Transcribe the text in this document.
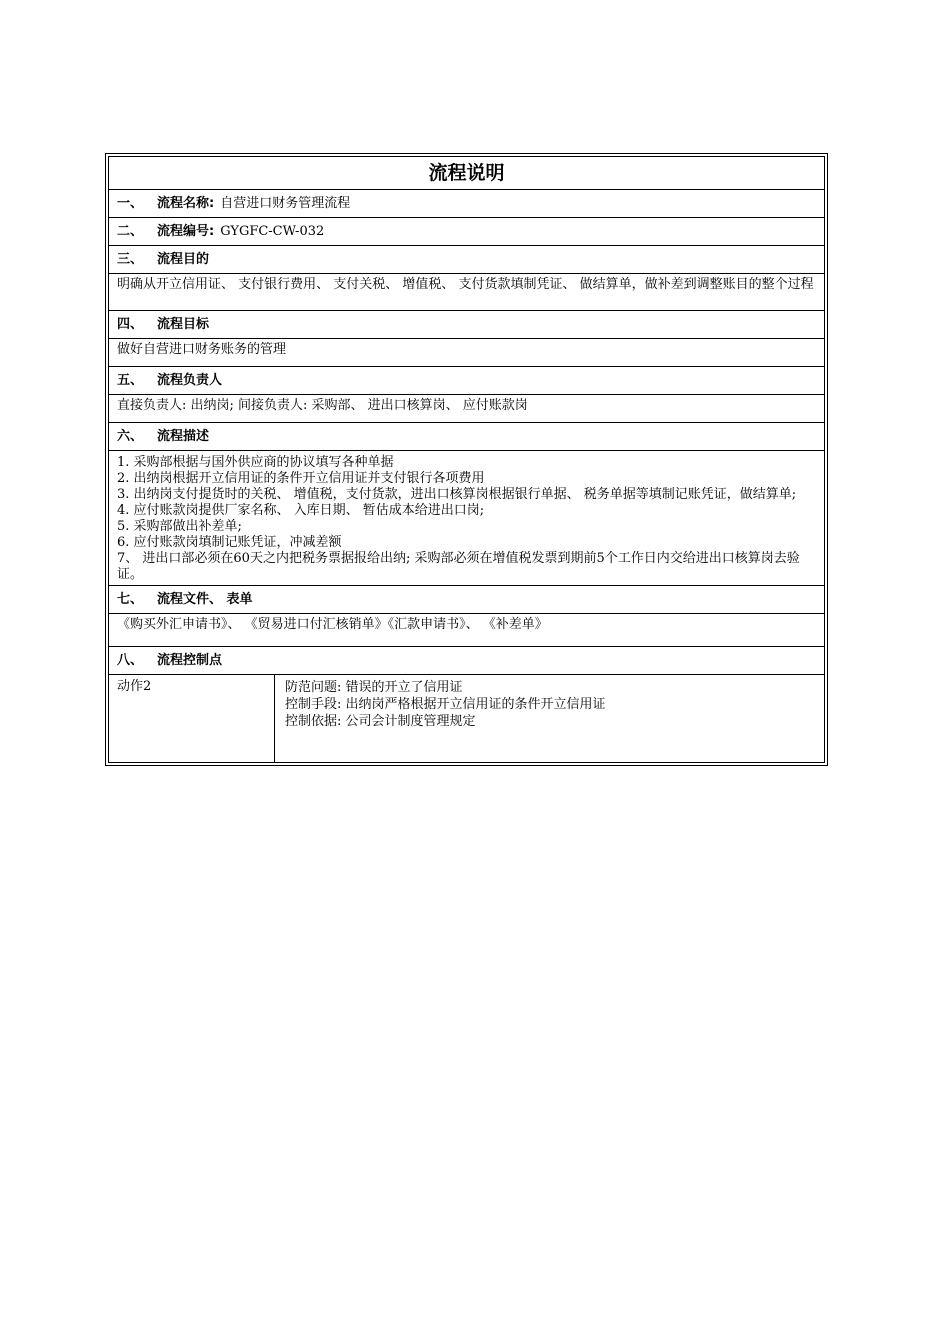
流程说明
一、	流程名称: 自营进口财务管理流程
二、	流程编号: GYGFC-CW-032
三、	流程目的
明确从开立信用证、 支付银行费用、 支付关税、 增值税、 支付货款填制凭证、 做结算单，做补差到调整账目的整个过程
四、	流程目标
做好自营进口财务账务的管理
五、	流程负责人
直接负责人: 出纳岗; 间接负责人: 采购部、 进出口核算岗、 应付账款岗
六、	流程描述
1. 采购部根据与国外供应商的协议填写各种单据
2. 出纳岗根据开立信用证的条件开立信用证并支付银行各项费用
3. 出纳岗支付提货时的关税、 增值税，支付货款，进出口核算岗根据银行单据、 税务单据等填制记账凭证，做结算单;
4. 应付账款岗提供厂家名称、 入库日期、 暂估成本给进出口岗;
5. 采购部做出补差单;
6. 应付账款岗填制记账凭证，冲减差额
7、 进出口部必须在60天之内把税务票据报给出纳; 采购部必须在增值税发票到期前5个工作日内交给进出口核算岗去验证。
七、	流程文件、 表单
《购买外汇申请书》、 《贸易进口付汇核销单》《汇款申请书》、 《补差单》
八、	流程控制点
动作2	防范问题: 错误的开立了信用证
控制手段: 出纳岗严格根据开立信用证的条件开立信用证
控制依据: 公司会计制度管理规定
